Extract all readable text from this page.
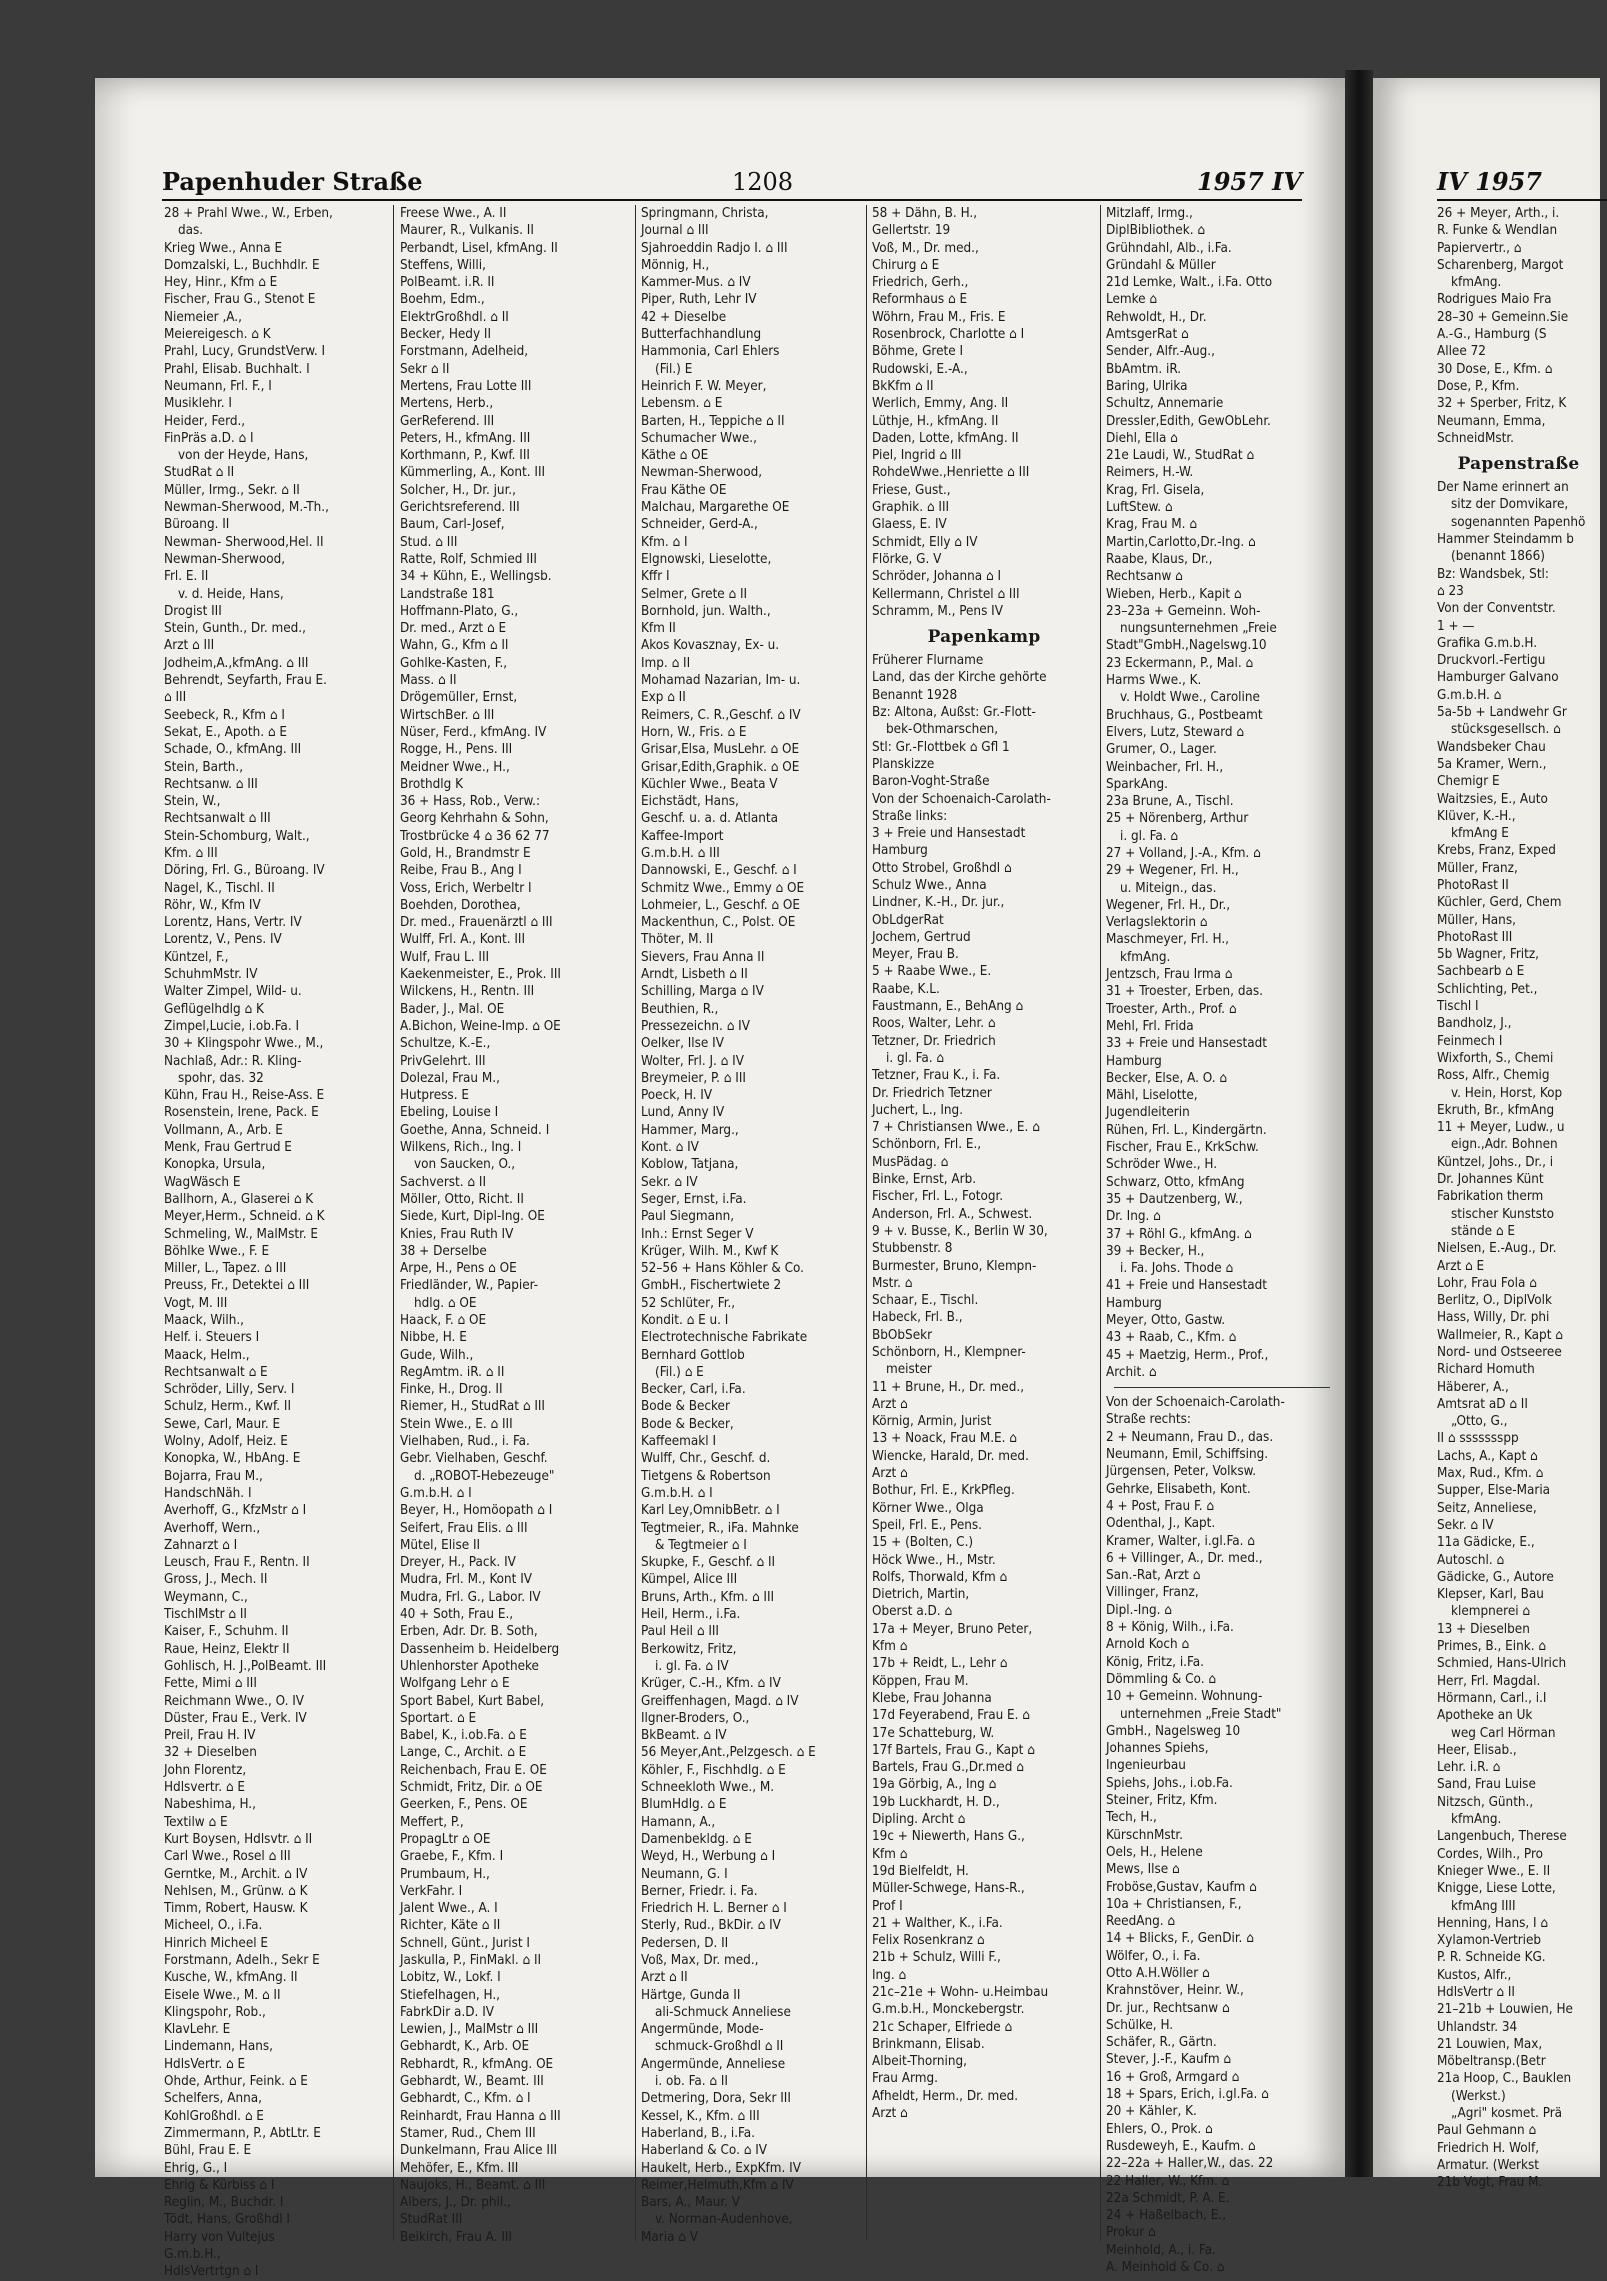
Papenhuder Straße	1208	1957 IV	IV 1957
28 + Prahl Wwe., W., Erben,
das.
Krieg Wwe., Anna E
Domzalski, L., Buchhdlr. E
Hey, Hinr., Kfm ⌂ E
Fischer, Frau G., Stenot E
Niemeier ,A.,
Meiereigesch. ⌂ K
Prahl, Lucy, GrundstVerw. I
Prahl, Elisab. Buchhalt. I
Neumann, Frl. F., I
Musiklehr. I
Heider, Ferd.,
FinPräs a.D. ⌂ I
von der Heyde, Hans,
StudRat ⌂ II
Müller, Irmg., Sekr. ⌂ II
Newman-Sherwood, M.-Th.,
Büroang. II
Newman- Sherwood,Hel. II
Newman-Sherwood,
Frl. E. II
v. d. Heide, Hans,
Drogist III
Stein, Gunth., Dr. med.,
Arzt ⌂ III
Jodheim,A.,kfmAng. ⌂ III
Behrendt, Seyfarth, Frau E.
⌂ III
Seebeck, R., Kfm ⌂ I
Sekat, E., Apoth. ⌂ E
Schade, O., kfmAng. III
Stein, Barth.,
Rechtsanw. ⌂ III
Stein, W.,
Rechtsanwalt ⌂ III
Stein-Schomburg, Walt.,
Kfm. ⌂ III
Döring, Frl. G., Büroang. IV
Nagel, K., Tischl. II
Röhr, W., Kfm IV
Lorentz, Hans, Vertr. IV
Lorentz, V., Pens. IV
Küntzel, F.,
SchuhmMstr. IV
Walter Zimpel, Wild- u.
Geflügelhdlg ⌂ K
Zimpel,Lucie, i.ob.Fa. I
30 + Klingspohr Wwe., M.,
Nachlaß, Adr.: R. Kling-
spohr, das. 32
Kühn, Frau H., Reise-Ass. E
Rosenstein, Irene, Pack. E
Vollmann, A., Arb. E
Menk, Frau Gertrud E
Konopka, Ursula,
WagWäsch E
Ballhorn, A., Glaserei ⌂ K
Meyer,Herm., Schneid. ⌂ K
Schmeling, W., MalMstr. E
Böhlke Wwe., F. E
Miller, L., Tapez. ⌂ III
Preuss, Fr., Detektei ⌂ III
Vogt, M. III
Maack, Wilh.,
Helf. i. Steuers I
Maack, Helm.,
Rechtsanwalt ⌂ E
Schröder, Lilly, Serv. I
Schulz, Herm., Kwf. II
Sewe, Carl, Maur. E
Wolny, Adolf, Heiz. E
Konopka, W., HbAng. E
Bojarra, Frau M.,
HandschNäh. I
Averhoff, G., KfzMstr ⌂ I
Averhoff, Wern.,
Zahnarzt ⌂ I
Leusch, Frau F., Rentn. II
Gross, J., Mech. II
Weymann, C.,
TischlMstr ⌂ II
Kaiser, F., Schuhm. II
Raue, Heinz, Elektr II
Gohlisch, H. J.,PolBeamt. III
Fette, Mimi ⌂ III
Reichmann Wwe., O. IV
Düster, Frau E., Verk. IV
Preil, Frau H. IV
32 + Dieselben
John Florentz,
Hdlsvertr. ⌂ E
Nabeshima, H.,
Textilw ⌂ E
Kurt Boysen, Hdlsvtr. ⌂ II
Carl Wwe., Rosel ⌂ III
Gerntke, M., Archit. ⌂ IV
Nehlsen, M., Grünw. ⌂ K
Timm, Robert, Hausw. K
Micheel, O., i.Fa.
Hinrich Micheel E
Forstmann, Adelh., Sekr E
Kusche, W., kfmAng. II
Eisele Wwe., M. ⌂ II
Klingspohr, Rob.,
KlavLehr. E
Lindemann, Hans,
HdlsVertr. ⌂ E
Ohde, Arthur, Feink. ⌂ E
Schelfers, Anna,
KohlGroßhdl. ⌂ E
Zimmermann, P., AbtLtr. E
Bühl, Frau E. E
Ehrig, G., I
Ehrig & Kürbiss ⌂ I
Reglin, M., Buchdr. I
Tödt, Hans, Großhdl I
Harry von Vultejus
G.m.b.H.,
HdlsVertrtgn ⌂ I
Freese Wwe., A. II
Maurer, R., Vulkanis. II
Perbandt, Lisel, kfmAng. II
Steffens, Willi,
PolBeamt. i.R. II
Boehm, Edm.,
ElektrGroßhdl. ⌂ II
Becker, Hedy II
Forstmann, Adelheid,
Sekr ⌂ II
Mertens, Frau Lotte III
Mertens, Herb.,
GerReferend. III
Peters, H., kfmAng. III
Korthmann, P., Kwf. III
Kümmerling, A., Kont. III
Solcher, H., Dr. jur.,
Gerichtsreferend. III
Baum, Carl-Josef,
Stud. ⌂ III
Ratte, Rolf, Schmied III
34 + Kühn, E., Wellingsb.
Landstraße 181
Hoffmann-Plato, G.,
Dr. med., Arzt ⌂ E
Wahn, G., Kfm ⌂ II
Gohlke-Kasten, F.,
Mass. ⌂ II
Drögemüller, Ernst,
WirtschBer. ⌂ III
Nüser, Ferd., kfmAng. IV
Rogge, H., Pens. III
Meidner Wwe., H.,
Brothdlg K
36 + Hass, Rob., Verw.:
Georg Kehrhahn & Sohn,
Trostbrücke 4 ⌂ 36 62 77
Gold, H., Brandmstr E
Reibe, Frau B., Ang I
Voss, Erich, Werbeltr I
Boehden, Dorothea,
Dr. med., Frauenärztl ⌂ III
Wulff, Frl. A., Kont. III
Wulf, Frau L. III
Kaekenmeister, E., Prok. III
Wilckens, H., Rentn. III
Bader, J., Mal. OE
A.Bichon, Weine-Imp. ⌂ OE
Schultze, K.-E.,
PrivGelehrt. III
Dolezal, Frau M.,
Hutpress. E
Ebeling, Louise I
Goethe, Anna, Schneid. I
Wilkens, Rich., Ing. I
von Saucken, O.,
Sachverst. ⌂ II
Möller, Otto, Richt. II
Siede, Kurt, Dipl-Ing. OE
Knies, Frau Ruth IV
38 + Derselbe
Arpe, H., Pens ⌂ OE
Friedländer, W., Papier-
hdlg. ⌂ OE
Haack, F. ⌂ OE
Nibbe, H. E
Gude, Wilh.,
RegAmtm. iR. ⌂ II
Finke, H., Drog. II
Riemer, H., StudRat ⌂ III
Stein Wwe., E. ⌂ III
Vielhaben, Rud., i. Fa.
Gebr. Vielhaben, Geschf.
d. „ROBOT-Hebezeuge"
G.m.b.H. ⌂ I
Beyer, H., Homöopath ⌂ I
Seifert, Frau Elis. ⌂ III
Mütel, Elise II
Dreyer, H., Pack. IV
Mudra, Frl. M., Kont IV
Mudra, Frl. G., Labor. IV
40 + Soth, Frau E.,
Erben, Adr. Dr. B. Soth,
Dassenheim b. Heidelberg
Uhlenhorster Apotheke
Wolfgang Lehr ⌂ E
Sport Babel, Kurt Babel,
Sportart. ⌂ E
Babel, K., i.ob.Fa. ⌂ E
Lange, C., Archit. ⌂ E
Reichenbach, Frau E. OE
Schmidt, Fritz, Dir. ⌂ OE
Geerken, F., Pens. OE
Meffert, P.,
PropagLtr ⌂ OE
Graebe, F., Kfm. I
Prumbaum, H.,
VerkFahr. I
Jalent Wwe., A. I
Richter, Käte ⌂ II
Schnell, Günt., Jurist I
Jaskulla, P., FinMakl. ⌂ II
Lobitz, W., Lokf. I
Stiefelhagen, H.,
FabrkDir a.D. IV
Lewien, J., MalMstr ⌂ III
Gebhardt, K., Arb. OE
Rebhardt, R., kfmAng. OE
Gebhardt, W., Beamt. III
Gebhardt, C., Kfm. ⌂ I
Reinhardt, Frau Hanna ⌂ III
Stamer, Rud., Chem III
Dunkelmann, Frau Alice III
Mehöfer, E., Kfm. III
Naujoks, H., Beamt. ⌂ III
Albers, J., Dr. phil.,
StudRat III
Beikirch, Frau A. III
Springmann, Christa,
Journal ⌂ III
Sjahroeddin Radjo I. ⌂ III
Mönnig, H.,
Kammer-Mus. ⌂ IV
Piper, Ruth, Lehr IV
42 + Dieselbe
Butterfachhandlung
Hammonia, Carl Ehlers
(Fil.) E
Heinrich F. W. Meyer,
Lebensm. ⌂ E
Barten, H., Teppiche ⌂ II
Schumacher Wwe.,
Käthe ⌂ OE
Newman-Sherwood,
Frau Käthe OE
Malchau, Margarethe OE
Schneider, Gerd-A.,
Kfm. ⌂ I
Elgnowski, Lieselotte,
Kffr I
Selmer, Grete ⌂ II
Bornhold, jun. Walth.,
Kfm II
Akos Kovasznay, Ex- u.
Imp. ⌂ II
Mohamad Nazarian, Im- u.
Exp ⌂ II
Reimers, C. R.,Geschf. ⌂ IV
Horn, W., Fris. ⌂ E
Grisar,Elsa, MusLehr. ⌂ OE
Grisar,Edith,Graphik. ⌂ OE
Küchler Wwe., Beata V
Eichstädt, Hans,
Geschf. u. a. d. Atlanta
Kaffee-Import
G.m.b.H. ⌂ III
Dannowski, E., Geschf. ⌂ I
Schmitz Wwe., Emmy ⌂ OE
Lohmeier, L., Geschf. ⌂ OE
Mackenthun, C., Polst. OE
Thöter, M. II
Sievers, Frau Anna II
Arndt, Lisbeth ⌂ II
Schilling, Marga ⌂ IV
Beuthien, R.,
Pressezeichn. ⌂ IV
Oelker, Ilse IV
Wolter, Frl. J. ⌂ IV
Breymeier, P. ⌂ III
Poeck, H. IV
Lund, Anny IV
Hammer, Marg.,
Kont. ⌂ IV
Koblow, Tatjana,
Sekr. ⌂ IV
Seger, Ernst, i.Fa.
Paul Siegmann,
Inh.: Ernst Seger V
Krüger, Wilh. M., Kwf K
52–56 + Hans Köhler & Co.
GmbH., Fischertwiete 2
52 Schlüter, Fr.,
Kondit. ⌂ E u. I
Electrotechnische Fabrikate
Bernhard Gottlob
(Fil.) ⌂ E
Becker, Carl, i.Fa.
Bode & Becker
Bode & Becker,
Kaffeemakl I
Wulff, Chr., Geschf. d.
Tietgens & Robertson
G.m.b.H. ⌂ I
Karl Ley,OmnibBetr. ⌂ I
Tegtmeier, R., iFa. Mahnke
& Tegtmeier ⌂ I
Skupke, F., Geschf. ⌂ II
Kümpel, Alice III
Bruns, Arth., Kfm. ⌂ III
Heil, Herm., i.Fa.
Paul Heil ⌂ III
Berkowitz, Fritz,
i. gl. Fa. ⌂ IV
Krüger, C.-H., Kfm. ⌂ IV
Greiffenhagen, Magd. ⌂ IV
Ilgner-Broders, O.,
BkBeamt. ⌂ IV
56 Meyer,Ant.,Pelzgesch. ⌂ E
Köhler, F., Fischhdlg. ⌂ E
Schneekloth Wwe., M.
BlumHdlg. ⌂ E
Hamann, A.,
Damenbekldg. ⌂ E
Weyd, H., Werbung ⌂ I
Neumann, G. I
Berner, Friedr. i. Fa.
Friedrich H. L. Berner ⌂ I
Sterly, Rud., BkDir. ⌂ IV
Pedersen, D. II
Voß, Max, Dr. med.,
Arzt ⌂ II
Härtge, Gunda II
ali-Schmuck Anneliese
Angermünde, Mode-
schmuck-Großhdl ⌂ II
Angermünde, Anneliese
i. ob. Fa. ⌂ II
Detmering, Dora, Sekr III
Kessel, K., Kfm. ⌂ III
Haberland, B., i.Fa.
Haberland & Co. ⌂ IV
Haukelt, Herb., ExpKfm. IV
Reimer,Helmuth,Kfm ⌂ IV
Bars, A., Maur. V
v. Norman-Audenhove,
Maria ⌂ V
58 + Dähn, B. H.,
Gellertstr. 19
Voß, M., Dr. med.,
Chirurg ⌂ E
Friedrich, Gerh.,
Reformhaus ⌂ E
Wöhrn, Frau M., Fris. E
Rosenbrock, Charlotte ⌂ I
Böhme, Grete I
Rudowski, E.-A.,
BkKfm ⌂ II
Werlich, Emmy, Ang. II
Lüthje, H., kfmAng. II
Daden, Lotte, kfmAng. II
Piel, Ingrid ⌂ III
RohdeWwe.,Henriette ⌂ III
Friese, Gust.,
Graphik. ⌂ III
Glaess, E. IV
Schmidt, Elly ⌂ IV
Flörke, G. V
Schröder, Johanna ⌂ I
Kellermann, Christel ⌂ III
Schramm, M., Pens IV
Papenkamp
Früherer Flurname
Land, das der Kirche gehörte
Benannt 1928
Bz: Altona, Außst: Gr.-Flott-
bek-Othmarschen,
Stl: Gr.-Flottbek ⌂ Gfl 1
Planskizze
Baron-Voght-Straße
Von der Schoenaich-Carolath-
Straße links:
3 + Freie und Hansestadt
Hamburg
Otto Strobel, Großhdl ⌂
Schulz Wwe., Anna
Lindner, K.-H., Dr. jur.,
ObLdgerRat
Jochem, Gertrud
Meyer, Frau B.
5 + Raabe Wwe., E.
Raabe, K.L.
Faustmann, E., BehAng ⌂
Roos, Walter, Lehr. ⌂
Tetzner, Dr. Friedrich
i. gl. Fa. ⌂
Tetzner, Frau K., i. Fa.
Dr. Friedrich Tetzner
Juchert, L., Ing.
7 + Christiansen Wwe., E. ⌂
Schönborn, Frl. E.,
MusPädag. ⌂
Binke, Ernst, Arb.
Fischer, Frl. L., Fotogr.
Anderson, Frl. A., Schwest.
9 + v. Busse, K., Berlin W 30,
Stubbenstr. 8
Burmester, Bruno, Klempn-
Mstr. ⌂
Schaar, E., Tischl.
Habeck, Frl. B.,
BbObSekr
Schönborn, H., Klempner-
meister
11 + Brune, H., Dr. med.,
Arzt ⌂
Körnig, Armin, Jurist
13 + Noack, Frau M.E. ⌂
Wiencke, Harald, Dr. med.
Arzt ⌂
Bothur, Frl. E., KrkPfleg.
Körner Wwe., Olga
Speil, Frl. E., Pens.
15 + (Bolten, C.)
Höck Wwe., H., Mstr.
Rolfs, Thorwald, Kfm ⌂
Dietrich, Martin,
Oberst a.D. ⌂
17a + Meyer, Bruno Peter,
Kfm ⌂
17b + Reidt, L., Lehr ⌂
Köppen, Frau M.
Klebe, Frau Johanna
17d Feyerabend, Frau E. ⌂
17e Schatteburg, W.
17f Bartels, Frau G., Kapt ⌂
Bartels, Frau G.,Dr.med ⌂
19a Görbig, A., Ing ⌂
19b Luckhardt, H. D.,
Dipling. Archt ⌂
19c + Niewerth, Hans G.,
Kfm ⌂
19d Bielfeldt, H.
Müller-Schwege, Hans-R.,
Prof I
21 + Walther, K., i.Fa.
Felix Rosenkranz ⌂
21b + Schulz, Willi F.,
Ing. ⌂
21c–21e + Wohn- u.Heimbau
G.m.b.H., Monckebergstr.
21c Schaper, Elfriede ⌂
Brinkmann, Elisab.
Albeit-Thorning,
Frau Armg.
Afheldt, Herm., Dr. med.
Arzt ⌂
Mitzlaff, Irmg.,
DiplBibliothek. ⌂
Grühndahl, Alb., i.Fa.
Gründahl & Müller
21d Lemke, Walt., i.Fa. Otto
Lemke ⌂
Rehwoldt, H., Dr.
AmtsgerRat ⌂
Sender, Alfr.-Aug.,
BbAmtm. iR.
Baring, Ulrika
Schultz, Annemarie
Dressler,Edith, GewObLehr.
Diehl, Ella ⌂
21e Laudi, W., StudRat ⌂
Reimers, H.-W.
Krag, Frl. Gisela,
LuftStew. ⌂
Krag, Frau M. ⌂
Martin,Carlotto,Dr.-Ing. ⌂
Raabe, Klaus, Dr.,
Rechtsanw ⌂
Wieben, Herb., Kapit ⌂
23–23a + Gemeinn. Woh-
nungsunternehmen „Freie
Stadt"GmbH.,Nagelswg.10
23 Eckermann, P., Mal. ⌂
Harms Wwe., K.
v. Holdt Wwe., Caroline
Bruchhaus, G., Postbeamt
Elvers, Lutz, Steward ⌂
Grumer, O., Lager.
Weinbacher, Frl. H.,
SparkAng.
23a Brune, A., Tischl.
25 + Nörenberg, Arthur
i. gl. Fa. ⌂
27 + Volland, J.-A., Kfm. ⌂
29 + Wegener, Frl. H.,
u. Miteign., das.
Wegener, Frl. H., Dr.,
Verlagslektorin ⌂
Maschmeyer, Frl. H.,
kfmAng.
Jentzsch, Frau Irma ⌂
31 + Troester, Erben, das.
Troester, Arth., Prof. ⌂
Mehl, Frl. Frida
33 + Freie und Hansestadt
Hamburg
Becker, Else, A. O. ⌂
Mähl, Liselotte,
Jugendleiterin
Rühen, Frl. L., Kindergärtn.
Fischer, Frau E., KrkSchw.
Schröder Wwe., H.
Schwarz, Otto, kfmAng
35 + Dautzenberg, W.,
Dr. Ing. ⌂
37 + Röhl G., kfmAng. ⌂
39 + Becker, H.,
i. Fa. Johs. Thode ⌂
41 + Freie und Hansestadt
Hamburg
Meyer, Otto, Gastw.
43 + Raab, C., Kfm. ⌂
45 + Maetzig, Herm., Prof.,
Archit. ⌂
Von der Schoenaich-Carolath-
Straße rechts:
2 + Neumann, Frau D., das.
Neumann, Emil, Schiffsing.
Jürgensen, Peter, Volksw.
Gehrke, Elisabeth, Kont.
4 + Post, Frau F. ⌂
Odenthal, J., Kapt.
Kramer, Walter, i.gl.Fa. ⌂
6 + Villinger, A., Dr. med.,
San.-Rat, Arzt ⌂
Villinger, Franz,
Dipl.-Ing. ⌂
8 + König, Wilh., i.Fa.
Arnold Koch ⌂
König, Fritz, i.Fa.
Dömmling & Co. ⌂
10 + Gemeinn. Wohnung-
unternehmen „Freie Stadt"
GmbH., Nagelsweg 10
Johannes Spiehs,
Ingenieurbau
Spiehs, Johs., i.ob.Fa.
Steiner, Fritz, Kfm.
Tech, H.,
KürschnMstr.
Oels, H., Helene
Mews, Ilse ⌂
Froböse,Gustav, Kaufm ⌂
10a + Christiansen, F.,
ReedAng. ⌂
14 + Blicks, F., GenDir. ⌂
Wölfer, O., i. Fa.
Otto A.H.Wöller ⌂
Krahnstöver, Heinr. W.,
Dr. jur., Rechtsanw ⌂
Schülke, H.
Schäfer, R., Gärtn.
Stever, J.-F., Kaufm ⌂
16 + Groß, Armgard ⌂
18 + Spars, Erich, i.gl.Fa. ⌂
20 + Kähler, K.
Ehlers, O., Prok. ⌂
Rusdeweyh, E., Kaufm. ⌂
22–22a + Haller,W., das. 22
22 Haller, W., Kfm. ⌂
22a Schmidt, P. A. E.
24 + Haßelbach, E.,
Prokur ⌂
Meinhold, A., i. Fa.
A. Meinhold & Co. ⌂
26 + Meyer, Arth., i.
R. Funke & Wendlan
Papiervertr., ⌂
Scharenberg, Margot
kfmAng.
Rodrigues Maio Fra
28–30 + Gemeinn.Sie
A.-G., Hamburg (S
Allee 72
30 Dose, E., Kfm. ⌂
Dose, P., Kfm.
32 + Sperber, Fritz, K
Neumann, Emma,
SchneidMstr.
Papenstraße
Der Name erinnert an
sitz der Domvikare,
sogenannten Papenhö
Hammer Steindamm b
(benannt 1866)
Bz: Wandsbek, Stl:
⌂ 23
Von der Conventstr.
1 + —
Grafika G.m.b.H.
Druckvorl.-Fertigu
Hamburger Galvano
G.m.b.H. ⌂
5a-5b + Landwehr Gr
stücksgesellsch. ⌂
Wandsbeker Chau
5a Kramer, Wern.,
Chemigr E
Waitzsies, E., Auto
Klüver, K.-H.,
kfmAng E
Krebs, Franz, Exped
Müller, Franz,
PhotoRast II
Küchler, Gerd, Chem
Müller, Hans,
PhotoRast III
5b Wagner, Fritz,
Sachbearb ⌂ E
Schlichting, Pet.,
Tischl I
Bandholz, J.,
Feinmech I
Wixforth, S., Chemi
Ross, Alfr., Chemig
v. Hein, Horst, Kop
Ekruth, Br., kfmAng
11 + Meyer, Ludw., u
eign.,Adr. Bohnen
Küntzel, Johs., Dr., i
Dr. Johannes Künt
Fabrikation therm
stischer Kunststo
stände ⌂ E
Nielsen, E.-Aug., Dr.
Arzt ⌂ E
Lohr, Frau Fola ⌂
Berlitz, O., DiplVolk
Hass, Willy, Dr. phi
Wallmeier, R., Kapt ⌂
Nord- und Ostseeree
Richard Homuth
Häberer, A.,
Amtsrat aD ⌂ II
„Otto, G.,
II ⌂ ssssssspp
Lachs, A., Kapt ⌂
Max, Rud., Kfm. ⌂
Supper, Else-Maria
Seitz, Anneliese,
Sekr. ⌂ IV
11a Gädicke, E.,
Autoschl. ⌂
Gädicke, G., Autore
Klepser, Karl, Bau
klempnerei ⌂
13 + Dieselben
Primes, B., Eink. ⌂
Schmied, Hans-Ulrich
Herr, Frl. Magdal.
Hörmann, Carl., i.I
Apotheke an Uk
weg Carl Hörman
Heer, Elisab.,
Lehr. i.R. ⌂
Sand, Frau Luise
Nitzsch, Günth.,
kfmAng.
Langenbuch, Therese
Cordes, Wilh., Pro
Knieger Wwe., E. II
Knigge, Liese Lotte,
kfmAng IIII
Henning, Hans, I ⌂
Xylamon-Vertrieb
P. R. Schneide KG.
Kustos, Alfr.,
HdlsVertr ⌂ II
21–21b + Louwien, He
Uhlandstr. 34
21 Louwien, Max,
Möbeltransp.(Betr
21a Hoop, C., Bauklen
(Werkst.)
„Agri" kosmet. Prä
Paul Gehmann ⌂
Friedrich H. Wolf,
Armatur. (Werkst
21b Vogt, Frau M.
